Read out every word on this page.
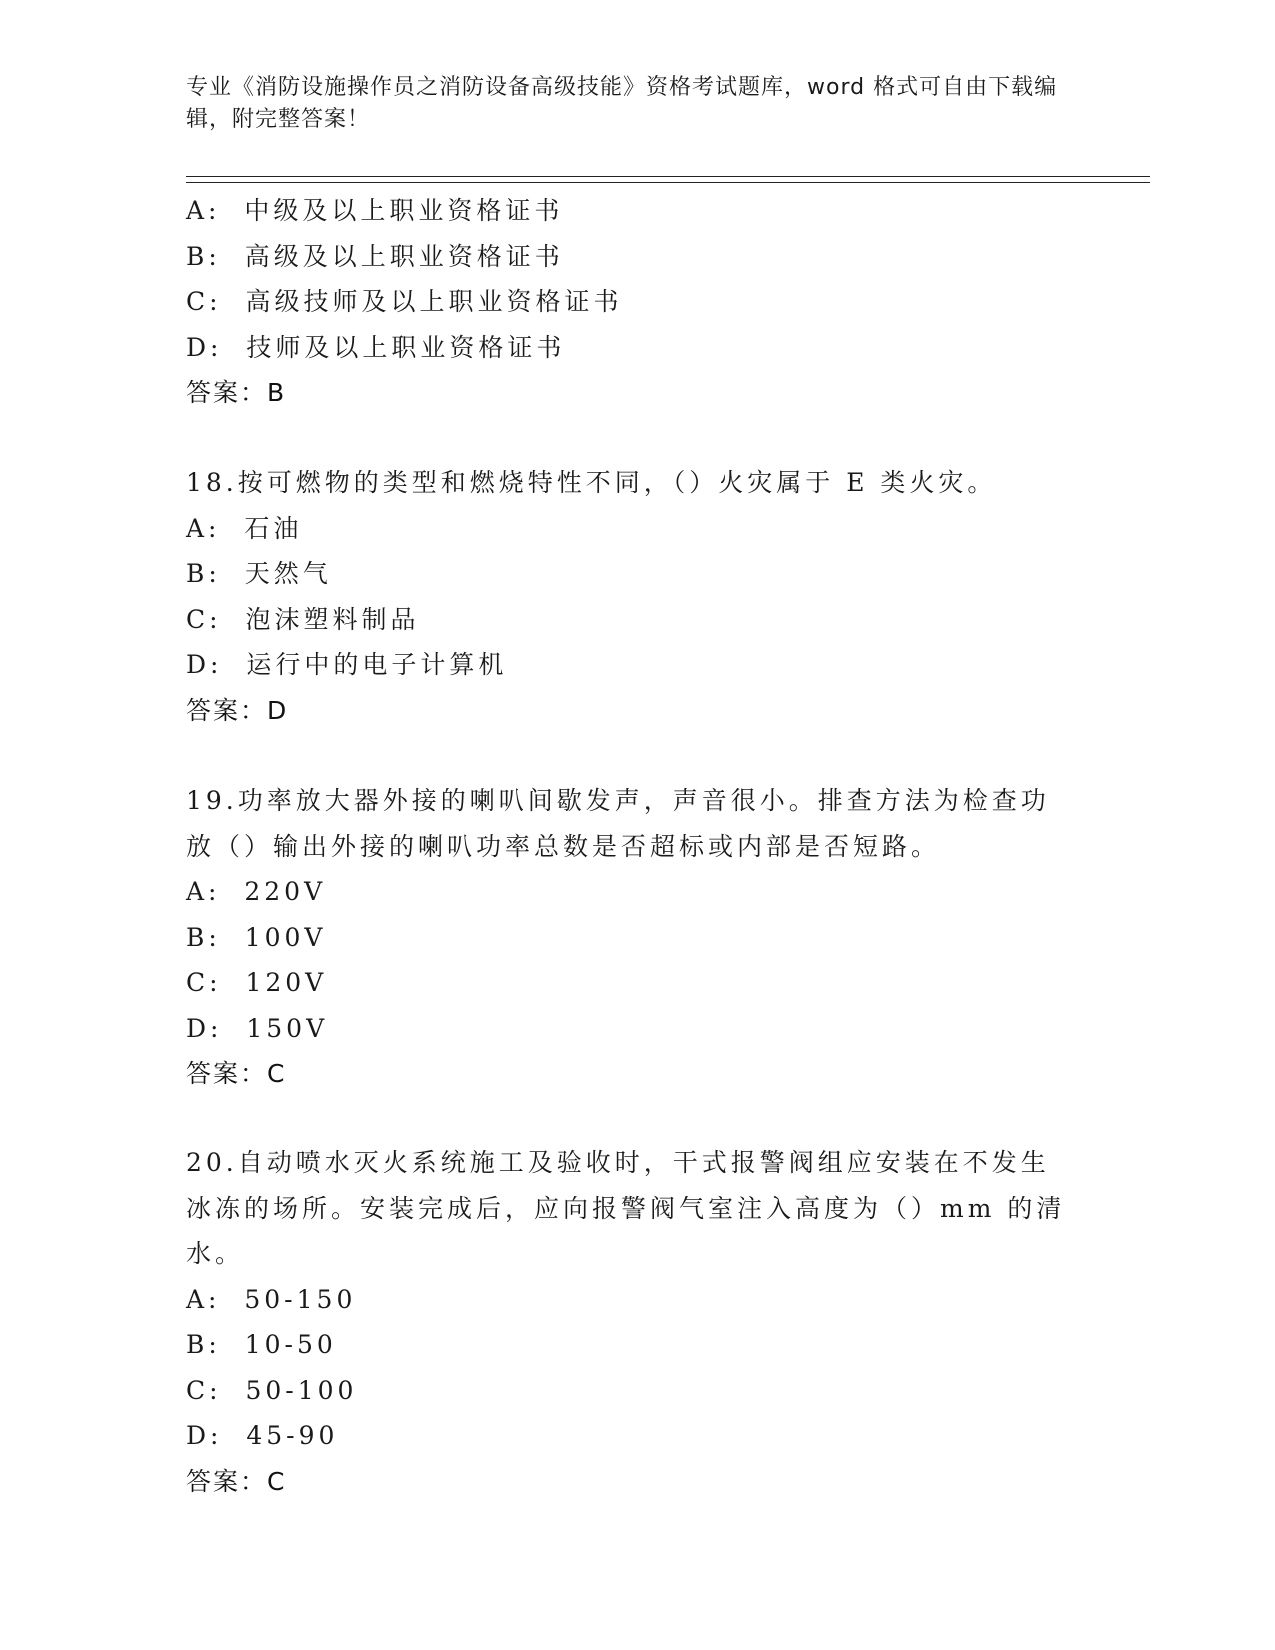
专业《消防设施操作员之消防设备高级技能》资格考试题库，word 格式可自由下载编辑，附完整答案！
A:  中级及以上职业资格证书
B:  高级及以上职业资格证书
C:  高级技师及以上职业资格证书
D:  技师及以上职业资格证书
答案：B
18.按可燃物的类型和燃烧特性不同，（）火灾属于 E 类火灾。
A:  石油
B:  天然气
C:  泡沫塑料制品
D:  运行中的电子计算机
答案：D
19.功率放大器外接的喇叭间歇发声，声音很小。排查方法为检查功放（）输出外接的喇叭功率总数是否超标或内部是否短路。
A:  220V
B:  100V
C:  120V
D:  150V
答案：C
20.自动喷水灭火系统施工及验收时，干式报警阀组应安装在不发生冰冻的场所。安装完成后，应向报警阀气室注入高度为（）mm 的清水。
A:  50-150
B:  10-50
C:  50-100
D:  45-90
答案：C
